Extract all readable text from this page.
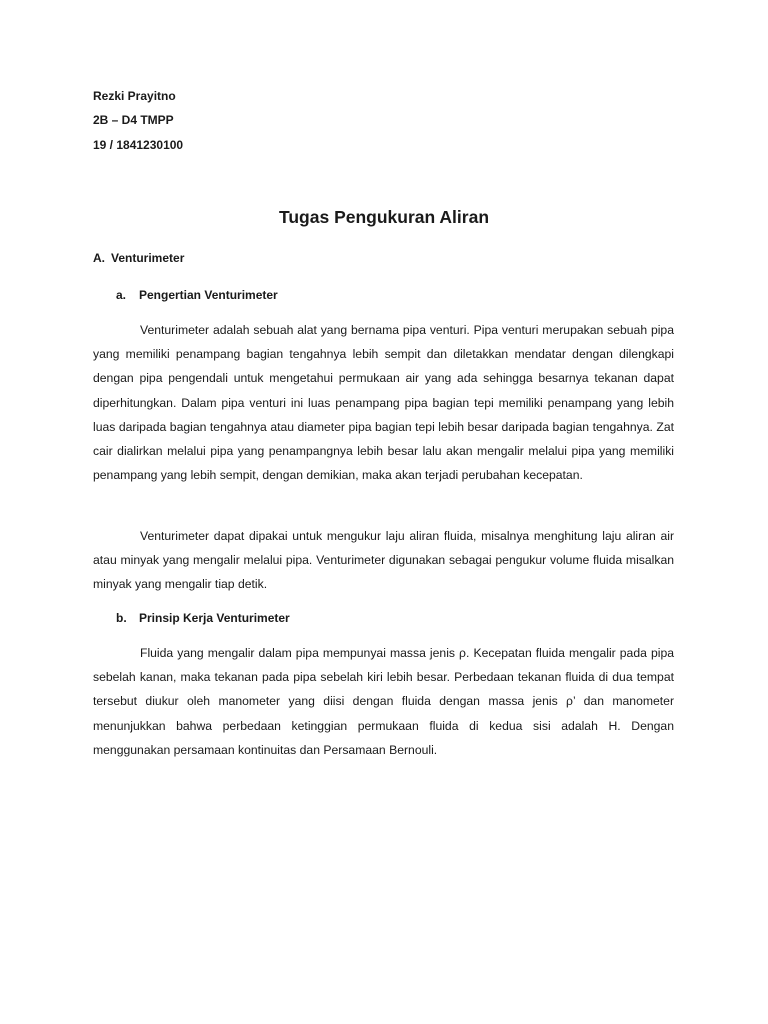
Rezki Prayitno
2B – D4 TMPP
19 / 1841230100
Tugas Pengukuran Aliran
A. Venturimeter
a. Pengertian Venturimeter

Venturimeter adalah sebuah alat yang bernama pipa venturi. Pipa venturi merupakan sebuah pipa yang memiliki penampang bagian tengahnya lebih sempit dan diletakkan mendatar dengan dilengkapi dengan pipa pengendali untuk mengetahui permukaan air yang ada sehingga besarnya tekanan dapat diperhitungkan. Dalam pipa venturi ini luas penampang pipa bagian tepi memiliki penampang yang lebih luas daripada bagian tengahnya atau diameter pipa bagian tepi lebih besar daripada bagian tengahnya. Zat cair dialirkan melalui pipa yang penampangnya lebih besar lalu akan mengalir melalui pipa yang memiliki penampang yang lebih sempit, dengan demikian, maka akan terjadi perubahan kecepatan.

Venturimeter dapat dipakai untuk mengukur laju aliran fluida, misalnya menghitung laju aliran air atau minyak yang mengalir melalui pipa. Venturimeter digunakan sebagai pengukur volume fluida misalkan minyak yang mengalir tiap detik.

b. Prinsip Kerja Venturimeter

Fluida yang mengalir dalam pipa mempunyai massa jenis ρ. Kecepatan fluida mengalir pada pipa sebelah kanan, maka tekanan pada pipa sebelah kiri lebih besar. Perbedaan tekanan fluida di dua tempat tersebut diukur oleh manometer yang diisi dengan fluida dengan massa jenis ρ’ dan manometer menunjukkan bahwa perbedaan ketinggian permukaan fluida di kedua sisi adalah H. Dengan menggunakan persamaan kontinuitas dan Persamaan Bernouli.
